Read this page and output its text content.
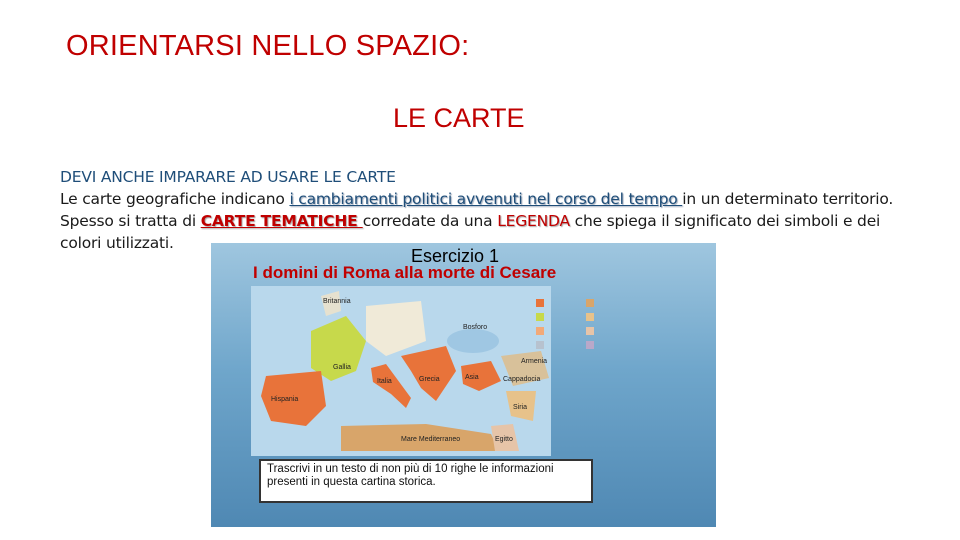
ORIENTARSI NELLO SPAZIO:
LE CARTE
DEVI ANCHE IMPARARE AD USARE LE CARTE
Le carte geografiche indicano i cambiamenti politici avvenuti nel corso del tempo in un determinato territorio.
Spesso si tratta di CARTE TEMATICHE corredate da una LEGENDA che spiega il significato dei simboli e dei colori utilizzati.
Esercizio 1
I domini di Roma alla morte di Cesare
Gallia
Hispania
Italia	Grecia	Asia	Cappadocia
Siria
Egitto
Mare Mediterraneo
Bosforo
Armenia
Britannia
Trascrivi in un testo di non più di 10 righe le informazioni presenti in questa cartina storica.
